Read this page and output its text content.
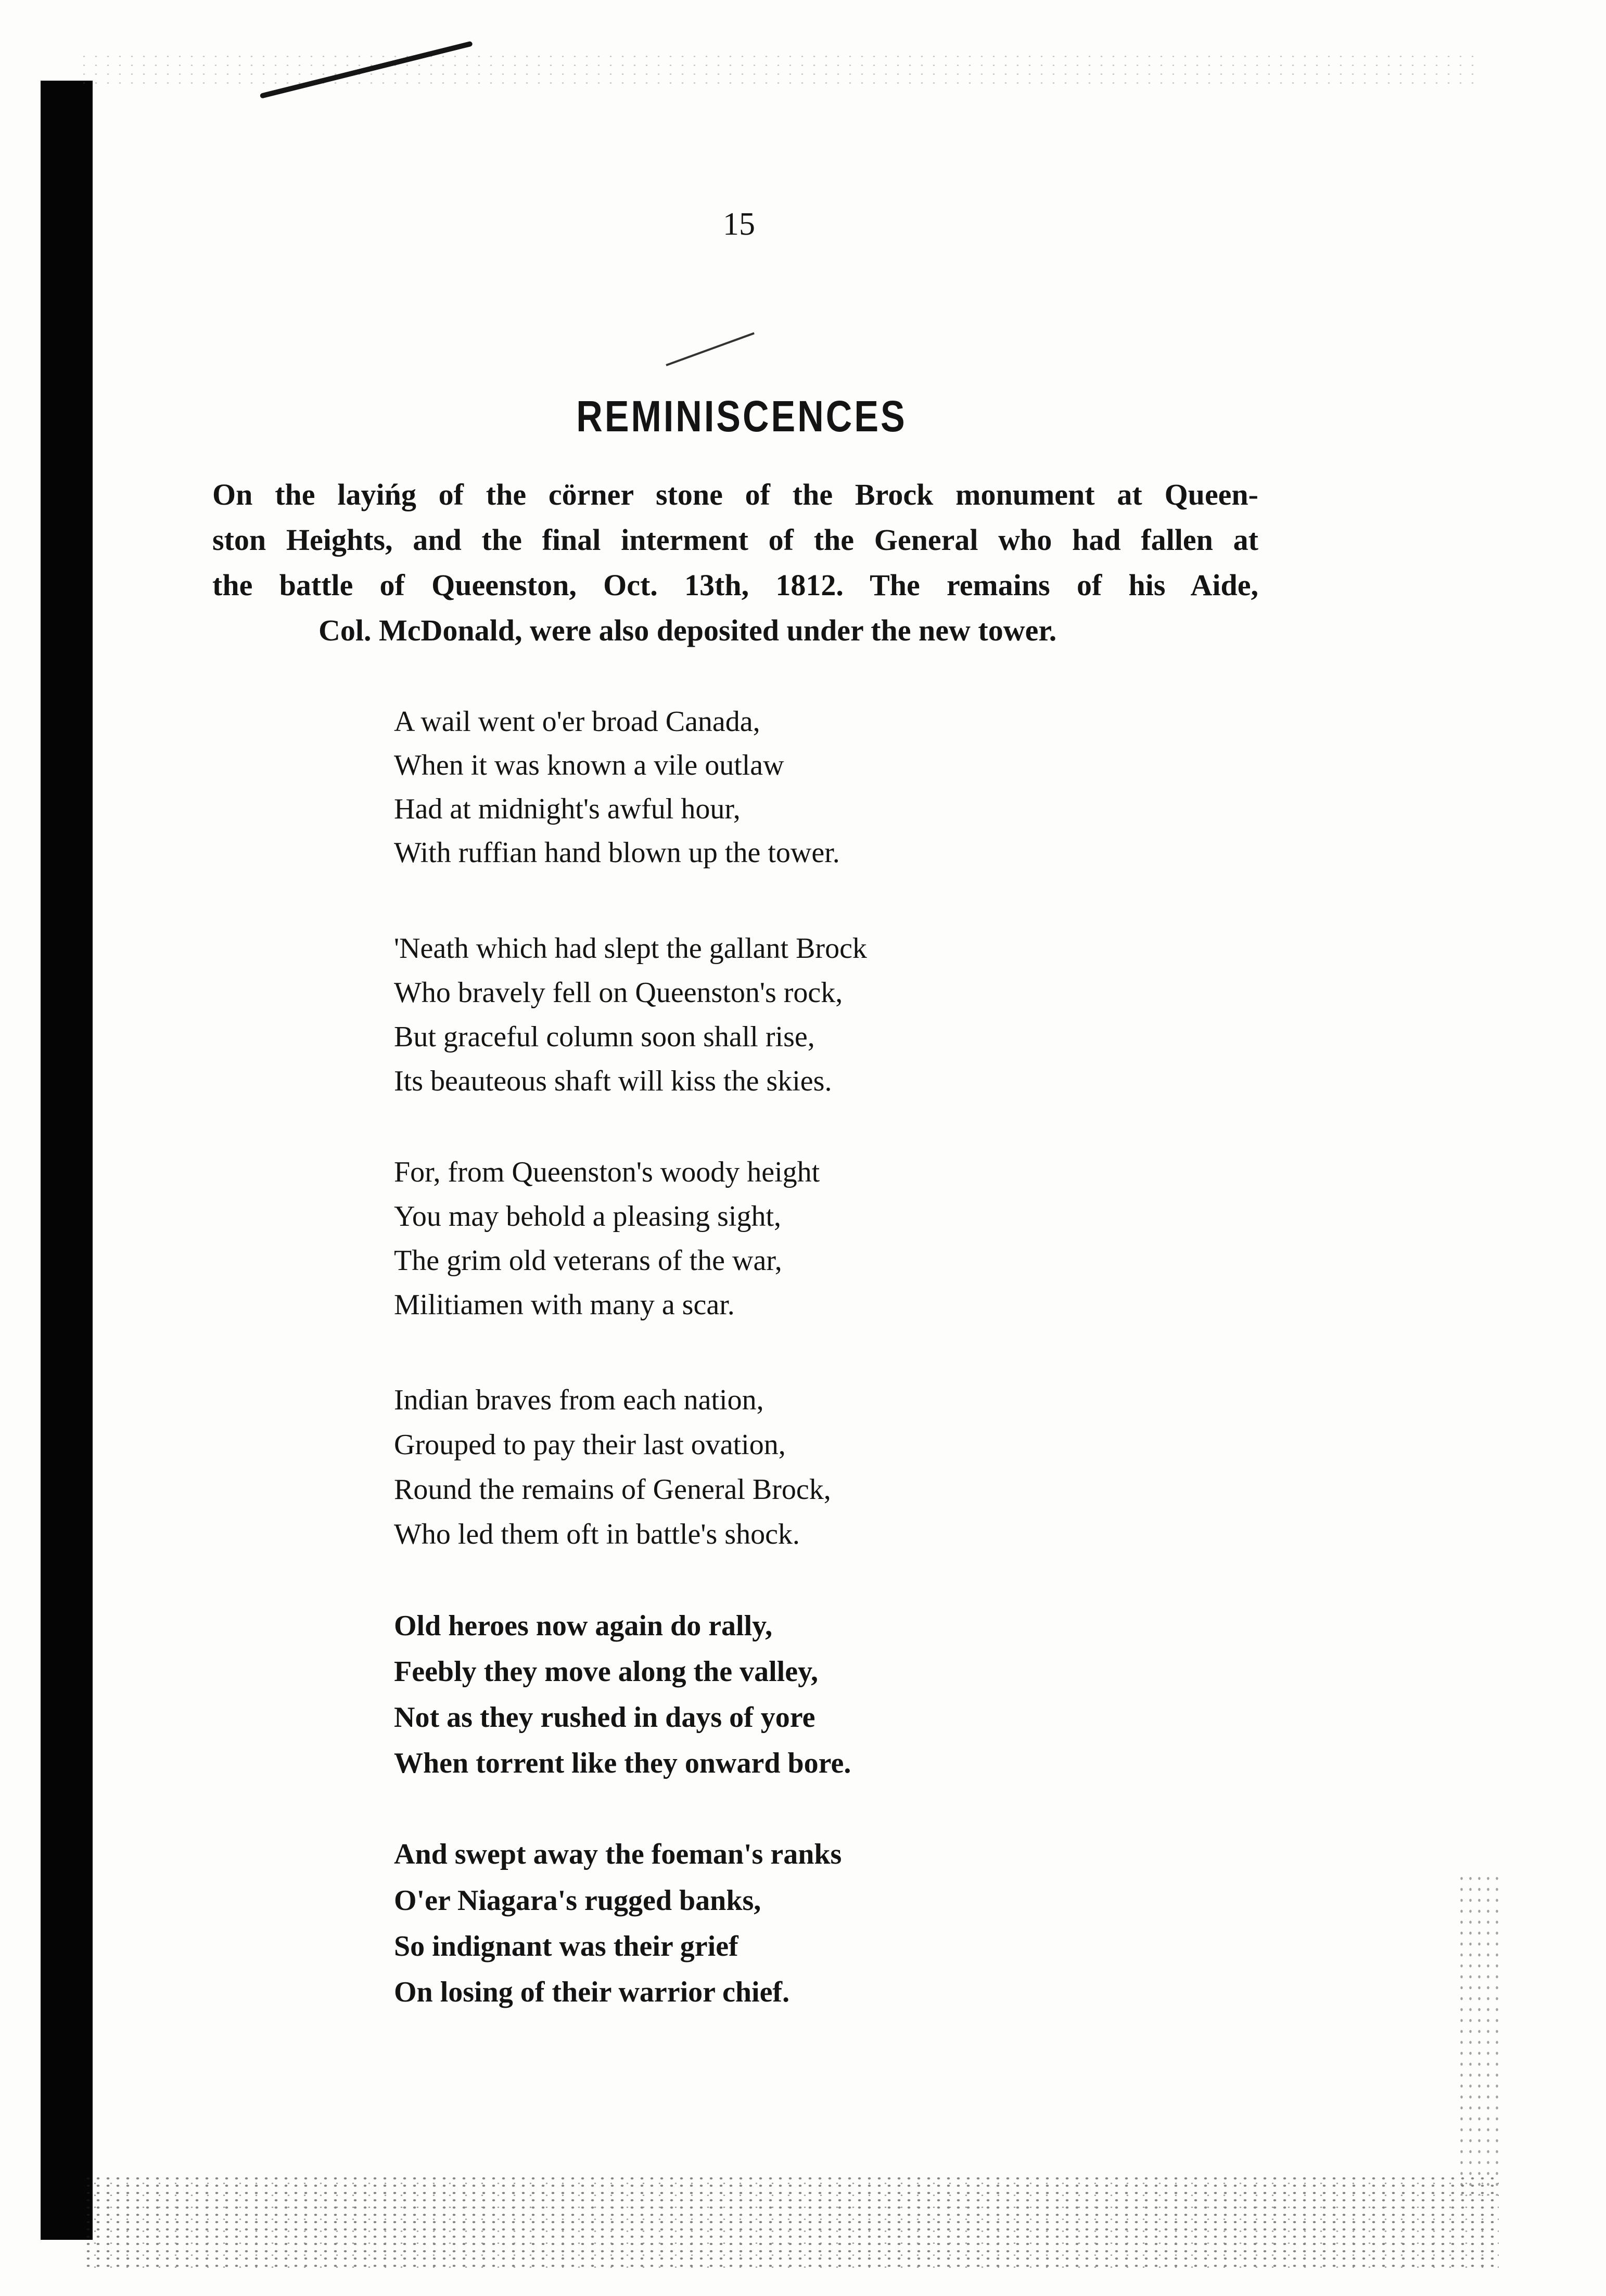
15
REMINISCENCES
On the layińg of the cörner stone of the Brock monument at Queen-
ston Heights, and the final interment of the General who had fallen at
the battle of Queenston, Oct. 13th, 1812. The remains of his Aide,
Col. McDonald, were also deposited under the new tower.
A wail went o'er broad Canada,
When it was known a vile outlaw
Had at midnight's awful hour,
With ruffian hand blown up the tower.
'Neath which had slept the gallant Brock
Who bravely fell on Queenston's rock,
But graceful column soon shall rise,
Its beauteous shaft will kiss the skies.
For, from Queenston's woody height
You may behold a pleasing sight,
The grim old veterans of the war,
Militiamen with many a scar.
Indian braves from each nation,
Grouped to pay their last ovation,
Round the remains of General Brock,
Who led them oft in battle's shock.
Old heroes now again do rally,
Feebly they move along the valley,
Not as they rushed in days of yore
When torrent like they onward bore.
And swept away the foeman's ranks
O'er Niagara's rugged banks,
So indignant was their grief
On losing of their warrior chief.
